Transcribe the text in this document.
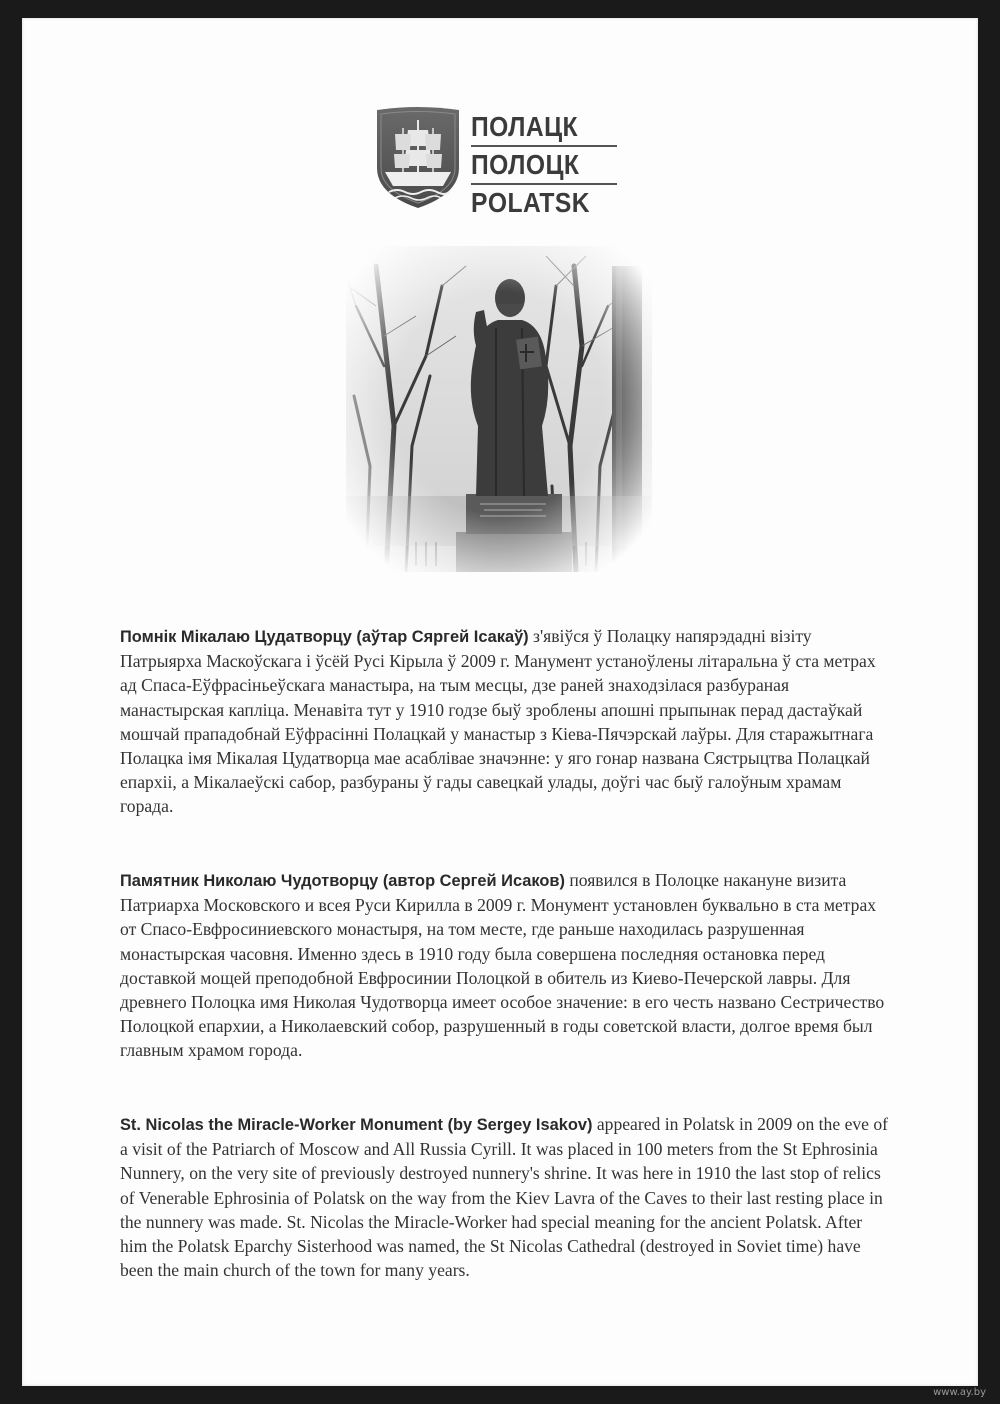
ПОЛАЦК
ПОЛОЦК
POLATSK

Помнік Мікалаю Цудатворцу (аўтар Сяргей Ісакаў) з'явіўся ў Полацку напярэдадні візіту Патрыярха Маскоўскага і ўсёй Русі Кірыла ў 2009 г. Манумент устаноўлены літаральна ў ста метрах ад Спаса-Еўфрасіньеўскага манастыра, на тым месцы, дзе раней знаходзілася разбураная манастырская капліца. Менавіта тут у 1910 годзе быў зроблены апошні прыпынак перад дастаўкай мошчай прападобнай Еўфрасінні Полацкай у манастыр з Кіева-Пячэрскай лаўры. Для старажытнага Полацка імя Мікалая Цудатворца мае асаблівае значэнне: у яго гонар названа Сястрыцтва Полацкай епархіі, а Мікалаеўскі сабор, разбураны ў гады савецкай улады, доўгі час быў галоўным храмам горада.

Памятник Николаю Чудотворцу (автор Сергей Исаков) появился в Полоцке накануне визита Патриарха Московского и всея Руси Кирилла в 2009 г. Монумент установлен буквально в ста метрах от Спасо-Евфросиниевского монастыря, на том месте, где раньше находилась разрушенная монастырская часовня. Именно здесь в 1910 году была совершена последняя остановка перед доставкой мощей преподобной Евфросинии Полоцкой в обитель из Киево-Печерской лавры. Для древнего Полоцка имя Николая Чудотворца имеет особое значение: в его честь названо Сестричество Полоцкой епархии, а Николаевский собор, разрушенный в годы советской власти, долгое время был главным храмом города.

St. Nicolas the Miracle-Worker Monument (by Sergey Isakov) appeared in Polatsk in 2009 on the eve of a visit of the Patriarch of Moscow and All Russia Cyrill. It was placed in 100 meters from the St Ephrosinia Nunnery, on the very site of previously destroyed nunnery's shrine. It was here in 1910 the last stop of relics of Venerable Ephrosinia of Polatsk on the way from the Kiev Lavra of the Caves to their last resting place in the nunnery was made. St. Nicolas the Miracle-Worker had special meaning for the ancient Polatsk. After him the Polatsk Eparchy Sisterhood was named, the St Nicolas Cathedral (destroyed in Soviet time) have been the main church of the town for many years.

www.ay.by
